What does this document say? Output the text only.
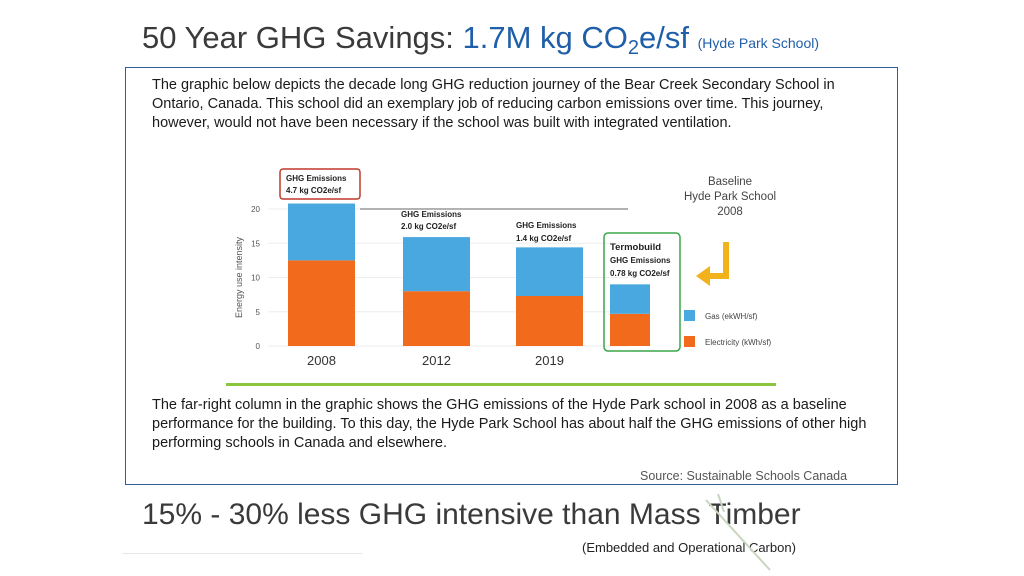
50 Year GHG Savings: 1.7M kg $CO_2e/sf$ (Hyde Park School)

The graphic below depicts the decade long GHG reduction journey of the Bear Creek Secondary School in Ontario, Canada. This school did an exemplary job of reducing carbon emissions over time. This journey, however, would not have been necessary if the school was built with integrated ventilation.

0
5
10
15
20
Energy use intensity
2008	2012	2019
GHG Emissions
4.7 kg CO2e/sf
GHG Emissions
2.0 kg CO2e/sf	GHG Emissions
1.4 kg CO2e/sf
Termobuild
GHG Emissions
0.78 kg CO2e/sf
Baseline
Hyde Park School
2008
Gas (ekWH/sf)
Electricity (kWh/sf)

The far-right column in the graphic shows the GHG emissions of the Hyde Park school in 2008 as a baseline performance for the building. To this day, the Hyde Park School has about half the GHG emissions of other high performing schools in Canada and elsewhere.

Source: Sustainable Schools Canada
15% - 30% less GHG intensive than Mass Timber
(Embedded and Operational Carbon)
